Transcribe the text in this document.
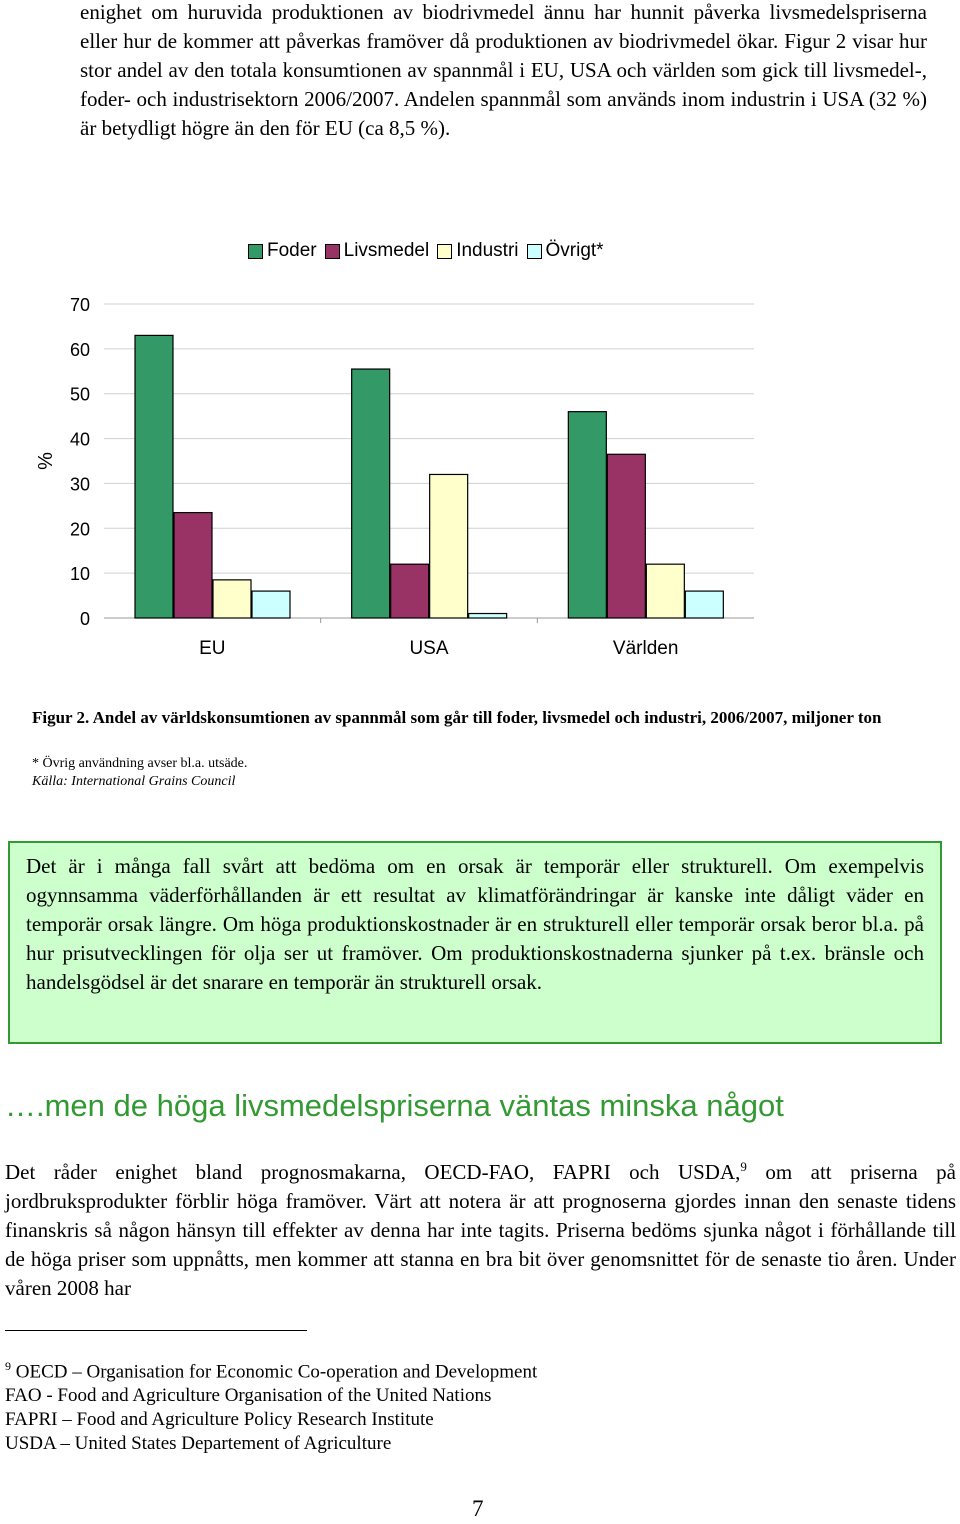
enighet om huruvida produktionen av biodrivmedel ännu har hunnit påverka livsmedelspriserna eller hur de kommer att påverkas framöver då produktionen av biodrivmedel ökar. Figur 2 visar hur stor andel av den totala konsumtionen av spannmål i EU, USA och världen som gick till livsmedel-, foder- och industrisektorn 2006/2007. Andelen spannmål som används inom industrin i USA (32 %) är betydligt högre än den för EU (ca 8,5 %).
Foder Livsmedel Industri Övrigt*
0
10
20
30
40
50
60
70
%
EU	USA	Världen
Figur 2. Andel av världskonsumtionen av spannmål som går till foder, livsmedel och industri, 2006/2007, miljoner ton
* Övrig användning avser bl.a. utsäde.
Källa: International Grains Council
Det är i många fall svårt att bedöma om en orsak är temporär eller strukturell. Om exempelvis ogynnsamma väderförhållanden är ett resultat av klimatförändringar är kanske inte dåligt väder en temporär orsak längre. Om höga produktionskostnader är en strukturell eller temporär orsak beror bl.a. på hur prisutvecklingen för olja ser ut framöver. Om produktionskostnaderna sjunker på t.ex. bränsle och handelsgödsel är det snarare en temporär än strukturell orsak.
….men de höga livsmedelspriserna väntas minska något
Det råder enighet bland prognosmakarna, OECD-FAO, FAPRI och USDA,$^9$ om att priserna på jordbruksprodukter förblir höga framöver. Värt att notera är att prognoserna gjordes innan den senaste tidens finanskris så någon hänsyn till effekter av denna har inte tagits. Priserna bedöms sjunka något i förhållande till de höga priser som uppnåtts, men kommer att stanna en bra bit över genomsnittet för de senaste tio åren. Under våren 2008 har
$^9$ OECD – Organisation for Economic Co-operation and Development
FAO - Food and Agriculture Organisation of the United Nations
FAPRI – Food and Agriculture Policy Research Institute
USDA – United States Departement of Agriculture
7
